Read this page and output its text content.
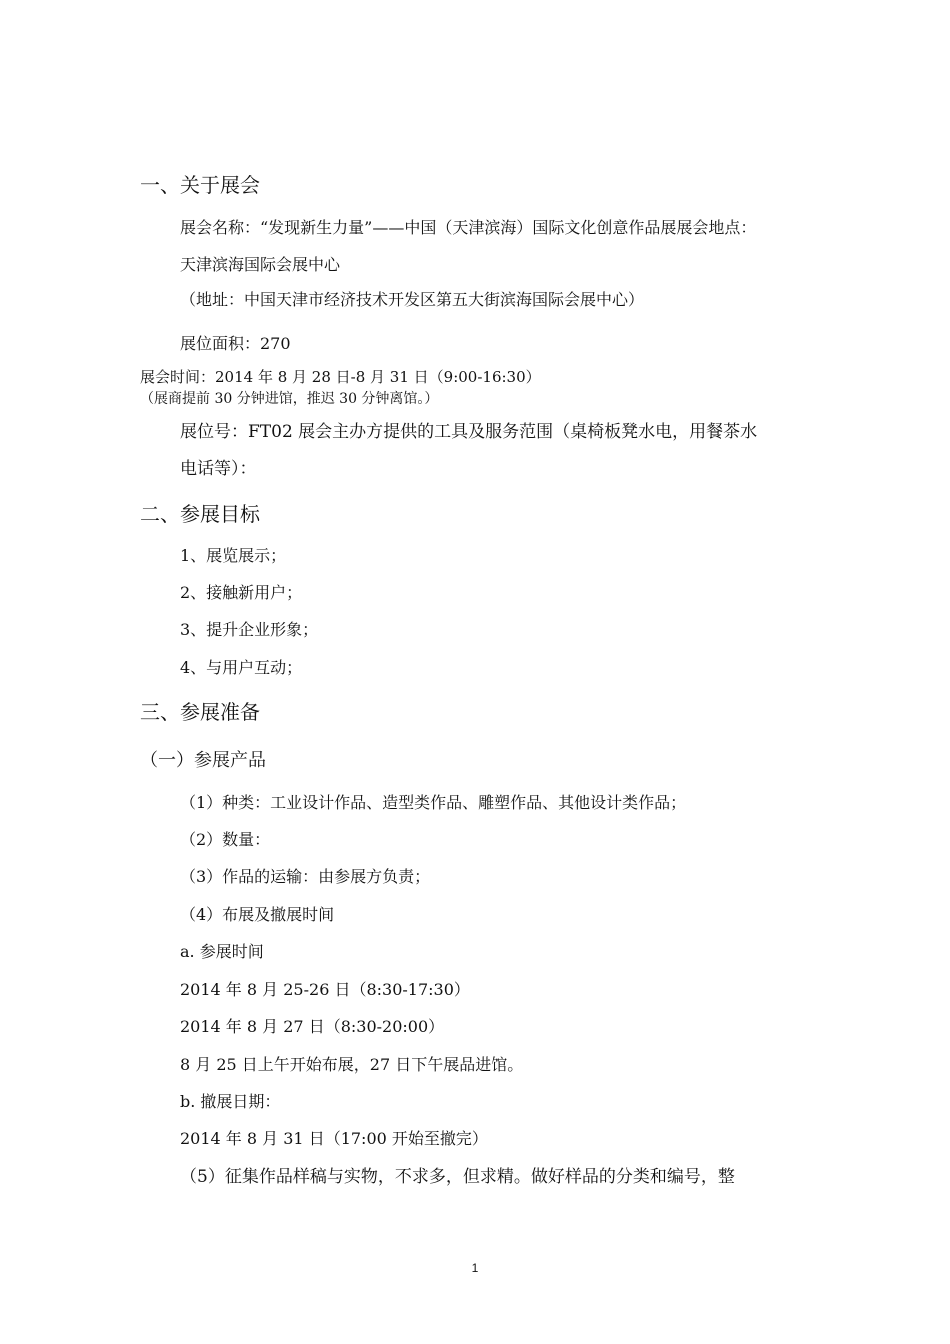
一、关于展会
展会名称：“发现新生力量”——中国（天津滨海）国际文化创意作品展展会地点：
天津滨海国际会展中心
（地址：中国天津市经济技术开发区第五大街滨海国际会展中心）
展位面积：270
展会时间：2014 年 8 月 28 日-8 月 31 日（9:00-16:30）
（展商提前 30 分钟进馆，推迟 30 分钟离馆。）
展位号：FT02 展会主办方提供的工具及服务范围（桌椅板凳水电，用餐茶水
电话等）：
二、参展目标
1、展览展示；
2、接触新用户；
3、提升企业形象；
4、与用户互动；
三、参展准备
（一）参展产品
（1）种类：工业设计作品、造型类作品、雕塑作品、其他设计类作品；
（2）数量：
（3）作品的运输：由参展方负责；
（4）布展及撤展时间
a. 参展时间
2014 年 8 月 25-26 日（8:30-17:30）
2014 年 8 月 27 日（8:30-20:00）
8 月 25 日上午开始布展，27 日下午展品进馆。
b. 撤展日期：
2014 年 8 月 31 日（17:00 开始至撤完）
（5）征集作品样稿与实物，不求多，但求精。做好样品的分类和编号，整
1
